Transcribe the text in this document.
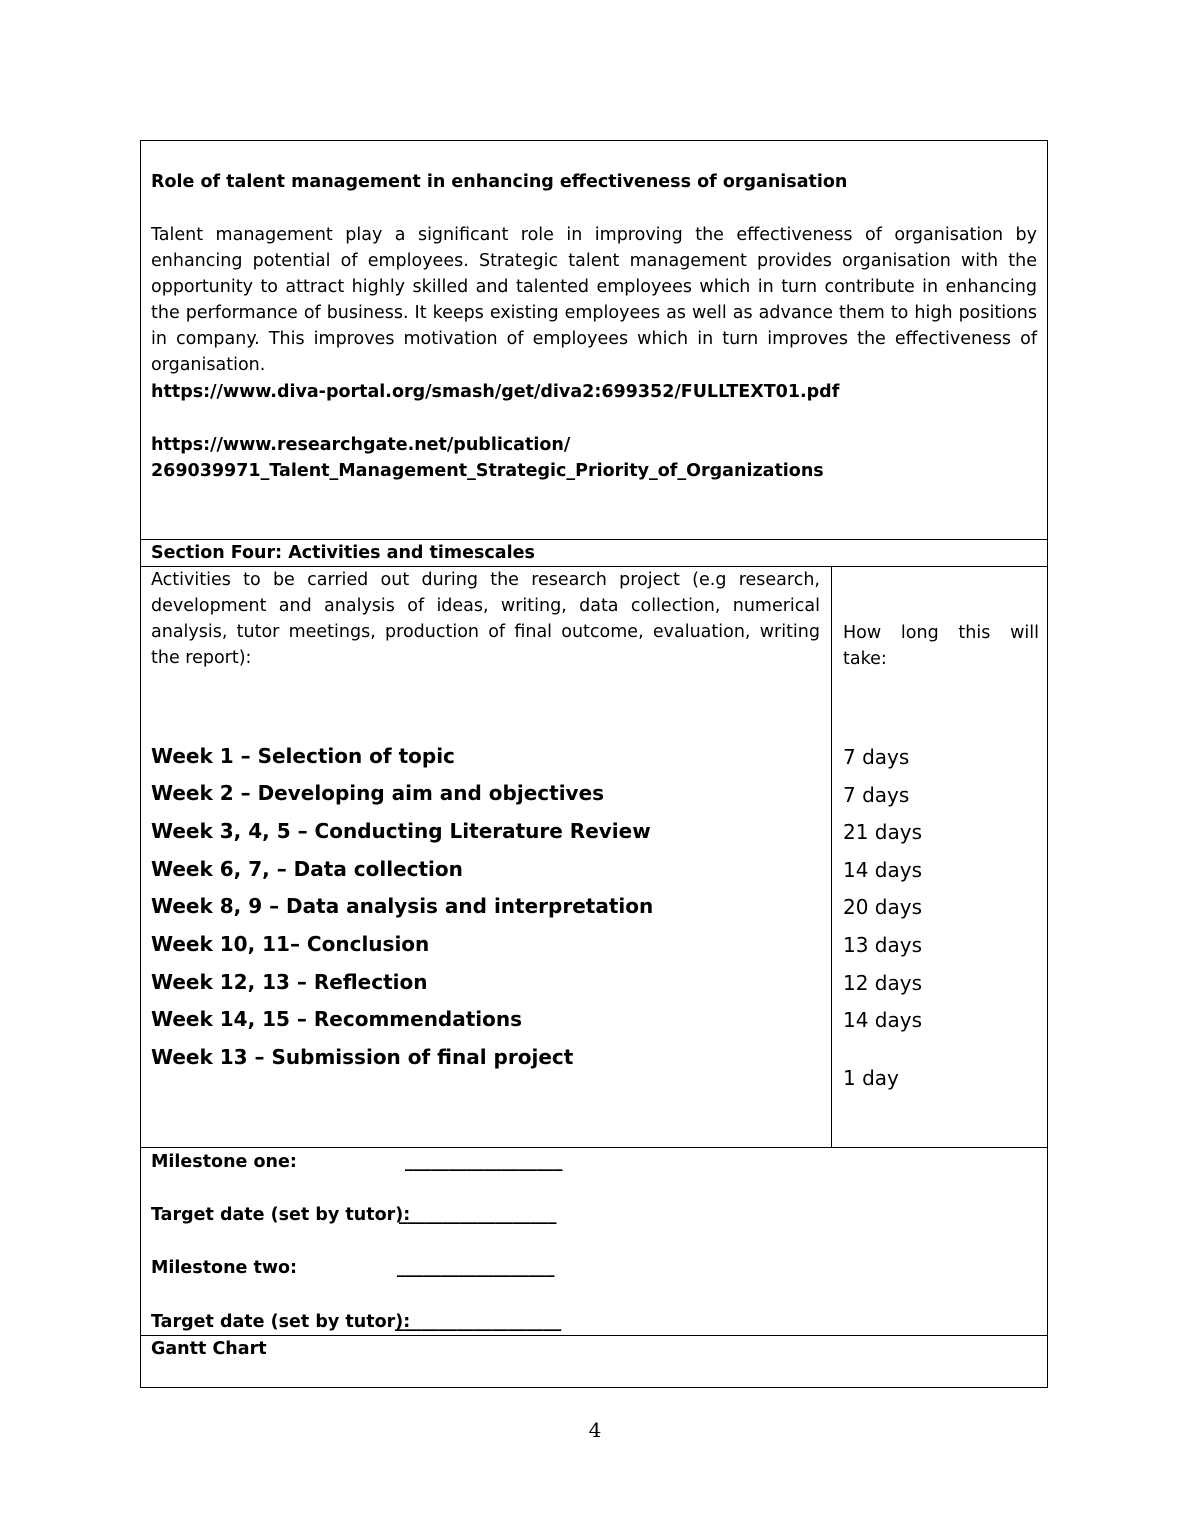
Role of talent management in enhancing effectiveness of organisation
Talent management play a significant role in improving the effectiveness of organisation by enhancing potential of employees. Strategic talent management provides organisation with the opportunity to attract highly skilled and talented employees which in turn contribute in enhancing the performance of business. It keeps existing employees as well as advance them to high positions in company. This improves motivation of employees which in turn improves the effectiveness of organisation.
https://www.diva-portal.org/smash/get/diva2:699352/FULLTEXT01.pdf
https://www.researchgate.net/publication/
269039971_Talent_Management_Strategic_Priority_of_Organizations
Section Four: Activities and timescales
Activities to be carried out during the research project (e.g research, development and analysis of ideas, writing, data collection, numerical analysis, tutor meetings, production of final outcome, evaluation, writing the report):
How long this will take:
Week 1 – Selection of topic
Week 2 – Developing aim and objectives
Week 3, 4, 5 – Conducting Literature Review
Week 6, 7, – Data collection
Week 8, 9 – Data analysis and interpretation
Week 10, 11– Conclusion
Week 12, 13 – Reflection
Week 14, 15 – Recommendations
Week 13 – Submission of final project
7 days
7 days
21 days
14 days
20 days
13 days
12 days
14 days
1 day
Milestone one:	__________________
Target date (set by tutor):
__________________
Milestone two:	__________________
Target date (set by tutor):
___________________
Gantt Chart
4
